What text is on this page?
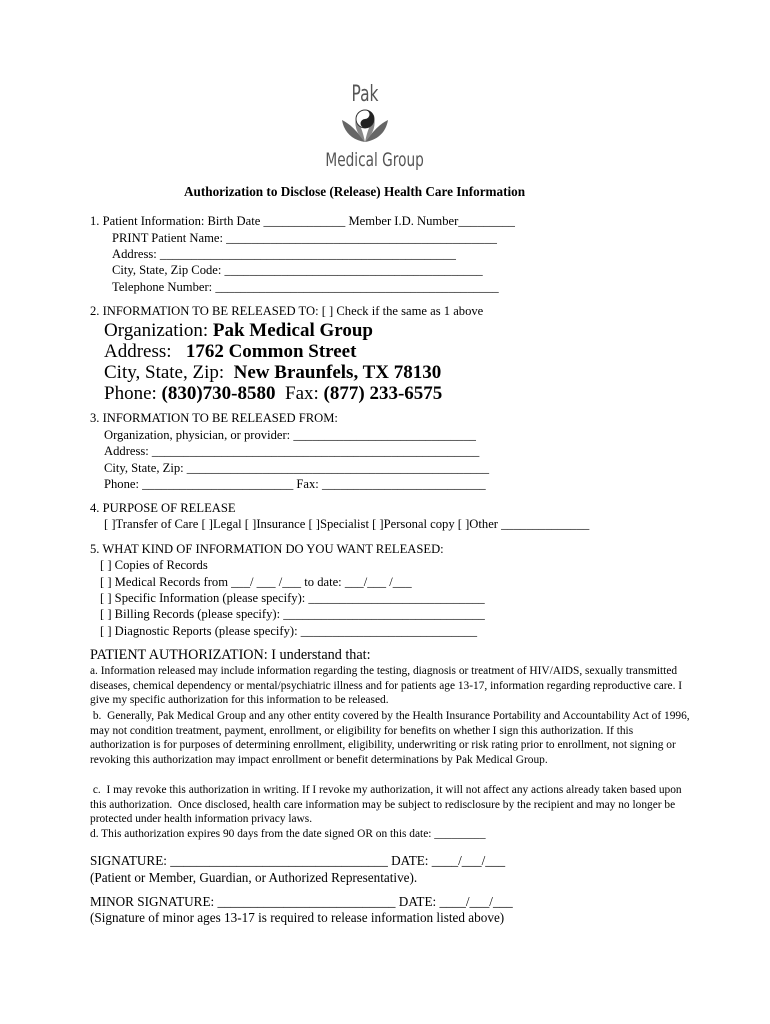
Pak
Medical Group
Authorization to Disclose (Release) Health Care Information
1. Patient Information: Birth Date _____________ Member I.D. Number_________
PRINT Patient Name: ___________________________________________
Address: _______________________________________________
City, State, Zip Code: _________________________________________
Telephone Number: _____________________________________________
2. INFORMATION TO BE RELEASED TO: [ ] Check if the same as 1 above
Organization: Pak Medical Group
Address:   1762 Common Street
City, State, Zip:  New Braunfels, TX 78130
Phone: (830)730-8580  Fax: (877) 233-6575
3. INFORMATION TO BE RELEASED FROM:
Organization, physician, or provider: _____________________________
Address: ____________________________________________________
City, State, Zip: ________________________________________________
Phone: ________________________ Fax: __________________________
4. PURPOSE OF RELEASE
[ ]Transfer of Care [ ]Legal [ ]Insurance [ ]Specialist [ ]Personal copy [ ]Other ______________
5. WHAT KIND OF INFORMATION DO YOU WANT RELEASED:
[ ] Copies of Records
[ ] Medical Records from ___/ ___ /___ to date: ___/___ /___
[ ] Specific Information (please specify): ____________________________
[ ] Billing Records (please specify): ________________________________
[ ] Diagnostic Reports (please specify): ____________________________
PATIENT AUTHORIZATION: I understand that:
a. Information released may include information regarding the testing, diagnosis or treatment of HIV/AIDS, sexually transmitted diseases, chemical dependency or mental/psychiatric illness and for patients age 13-17, information regarding reproductive care. I give my specific authorization for this information to be released.
b.  Generally, Pak Medical Group and any other entity covered by the Health Insurance Portability and Accountability Act of 1996, may not condition treatment, payment, enrollment, or eligibility for benefits on whether I sign this authorization. If this authorization is for purposes of determining enrollment, eligibility, underwriting or risk rating prior to enrollment, not signing or revoking this authorization may impact enrollment or benefit determinations by Pak Medical Group.
c.  I may revoke this authorization in writing. If I revoke my authorization, it will not affect any actions already taken based upon this authorization.  Once disclosed, health care information may be subject to redisclosure by the recipient and may no longer be protected under health information privacy laws.
d. This authorization expires 90 days from the date signed OR on this date: _________
SIGNATURE: _________________________________ DATE: ____/___/___
(Patient or Member, Guardian, or Authorized Representative).
MINOR SIGNATURE: ___________________________ DATE: ____/___/___
(Signature of minor ages 13-17 is required to release information listed above)
